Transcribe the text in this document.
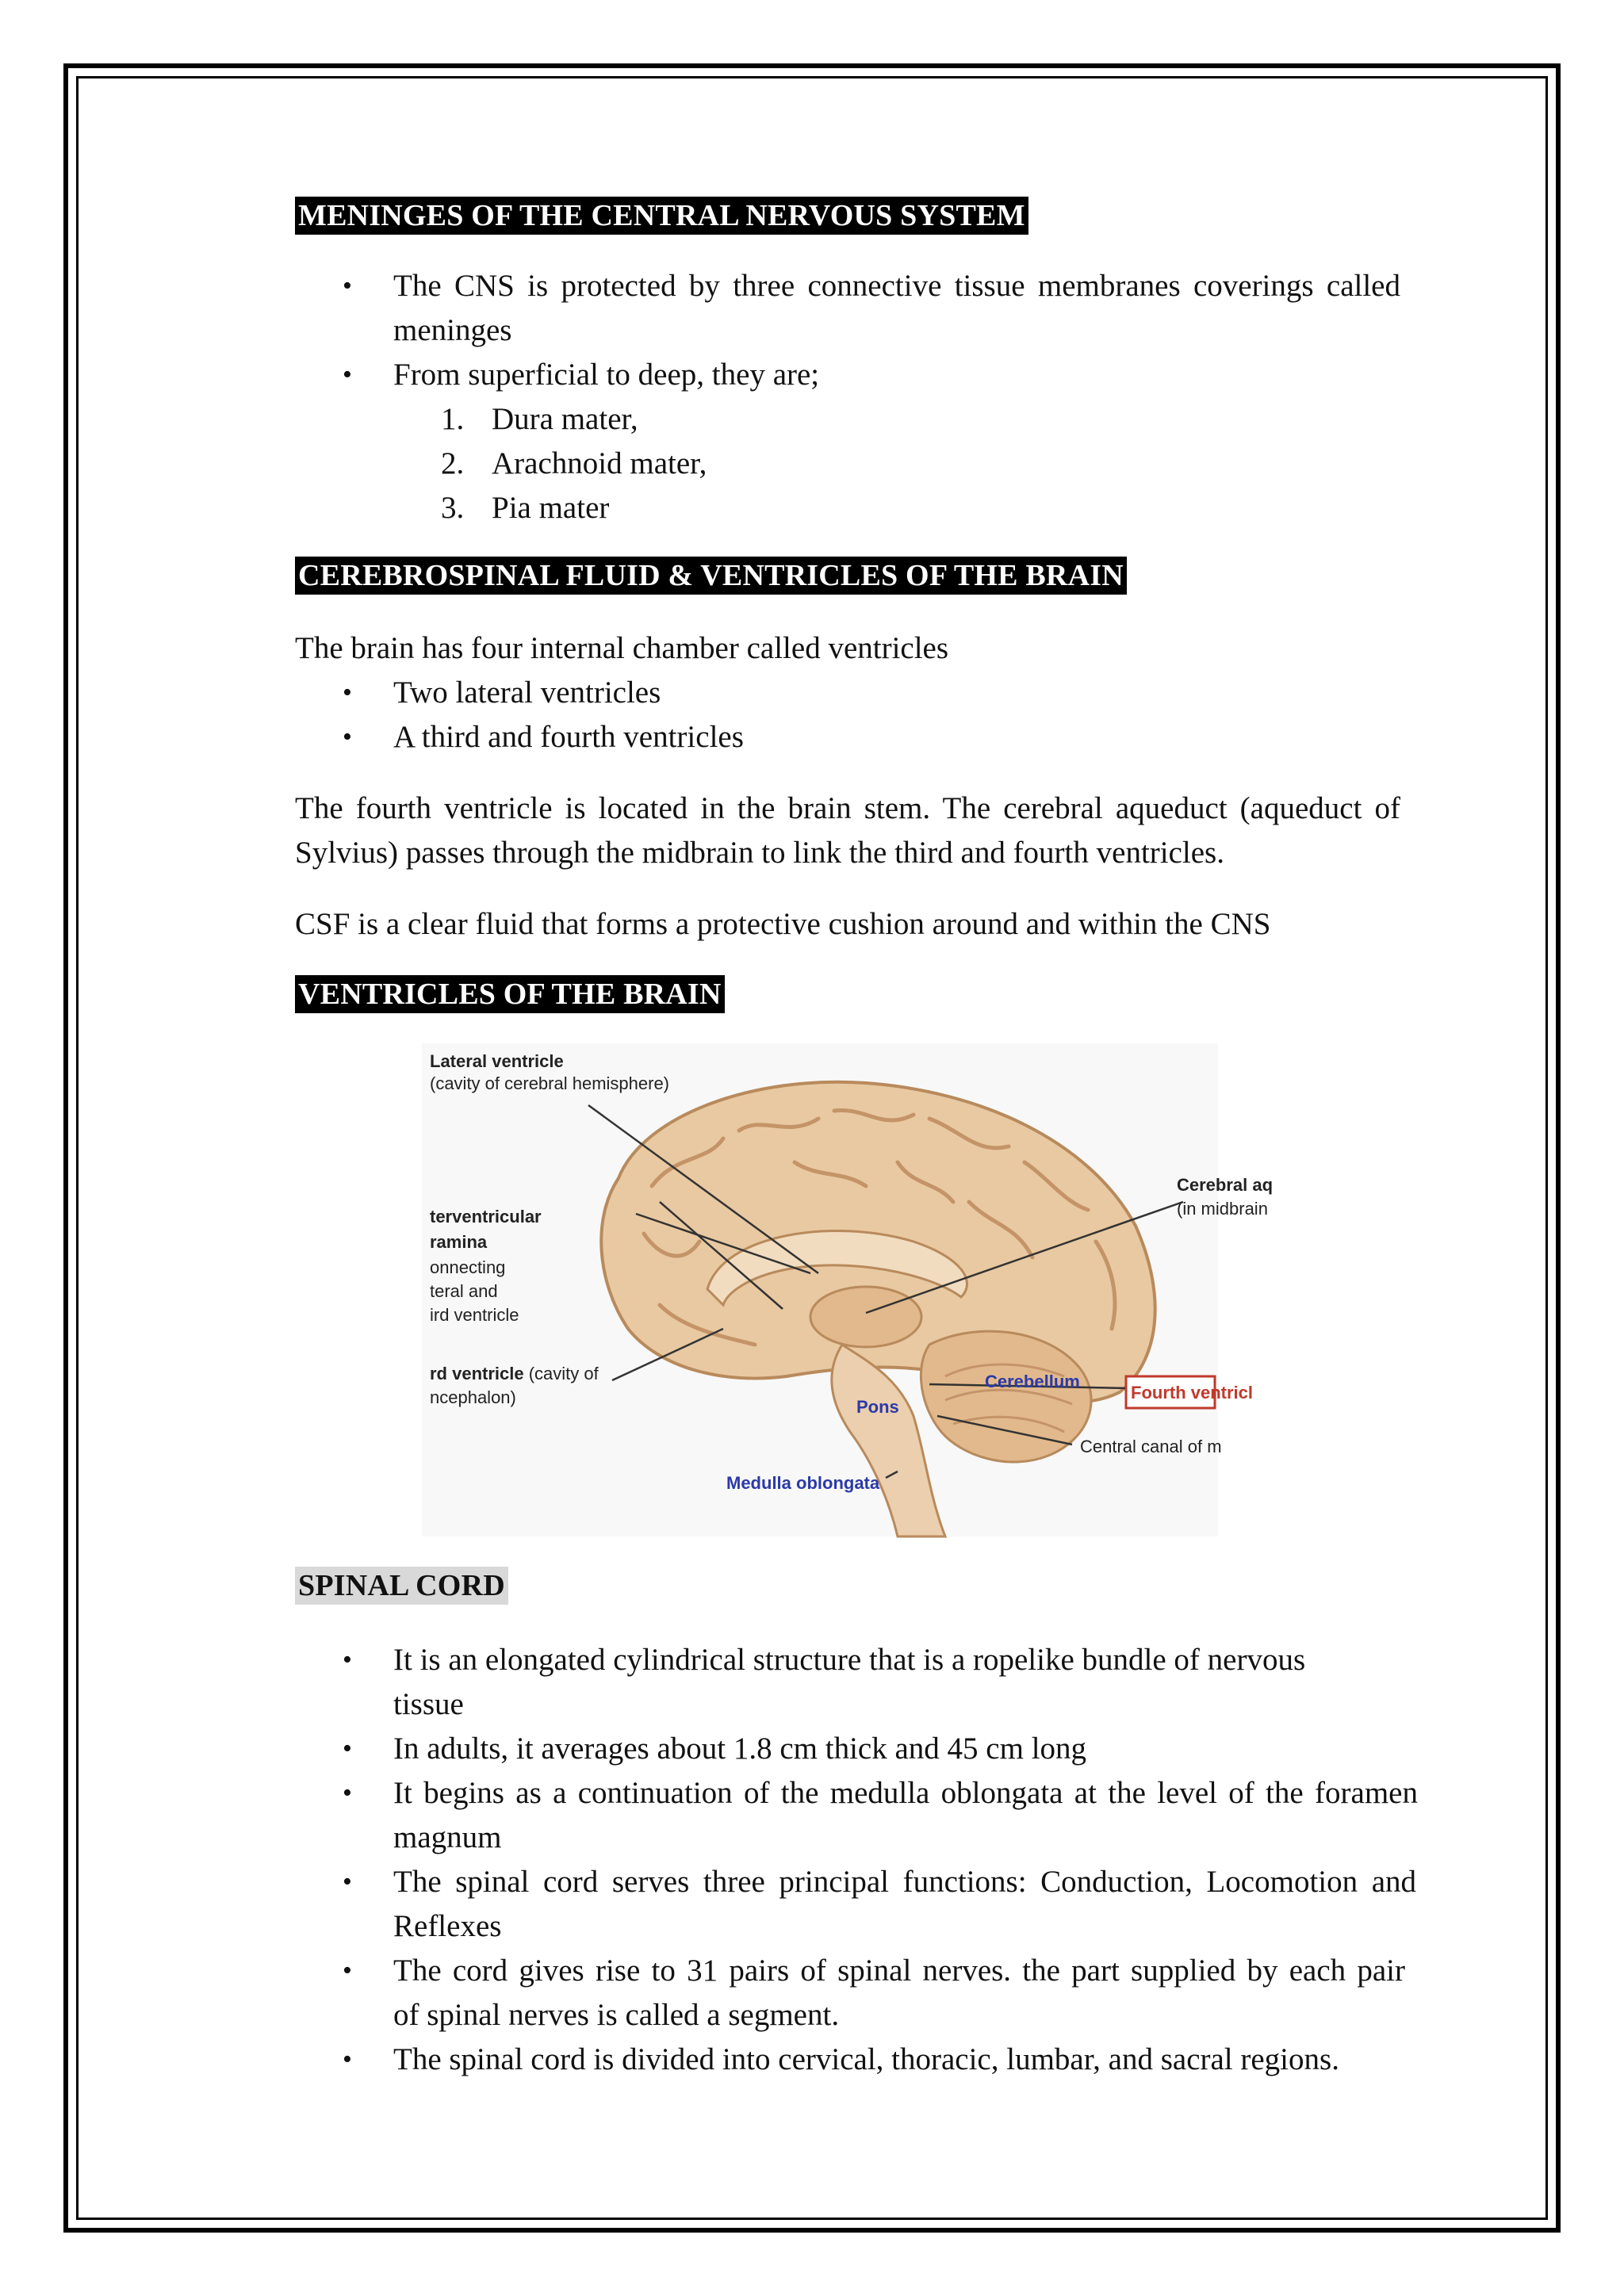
MENINGES OF THE CENTRAL NERVOUS SYSTEM
• The CNS is protected by three connective tissue membranes coverings called
meninges
• From superficial to deep, they are;
1. Dura mater,
2. Arachnoid mater,
3. Pia mater
CEREBROSPINAL FLUID & VENTRICLES OF THE BRAIN
The brain has four internal chamber called ventricles
• Two lateral ventricles
• A third and fourth ventricles
The fourth ventricle is located in the brain stem. The cerebral aqueduct (aqueduct of
Sylvius) passes through the midbrain to link the third and fourth ventricles.
CSF is a clear fluid that forms a protective cushion around and within the CNS
VENTRICLES OF THE BRAIN
Lateral ventricle
(cavity of cerebral hemisphere)
terventricular
ramina
onnecting
teral and
ird ventricle
rd ventricle (cavity of
ncephalon)
Cerebral aq
(in midbrain
Cerebellum
Pons
Medulla oblongata
Fourth ventricl
Central canal of m
SPINAL CORD
• It is an elongated cylindrical structure that is a ropelike bundle of nervous
tissue
• In adults, it averages about 1.8 cm thick and 45 cm long
• It begins as a continuation of the medulla oblongata at the level of the foramen
magnum
• The spinal cord serves three principal functions: Conduction, Locomotion and
Reflexes
• The cord gives rise to 31 pairs of spinal nerves. the part supplied by each pair
of spinal nerves is called a segment.
• The spinal cord is divided into cervical, thoracic, lumbar, and sacral regions.
